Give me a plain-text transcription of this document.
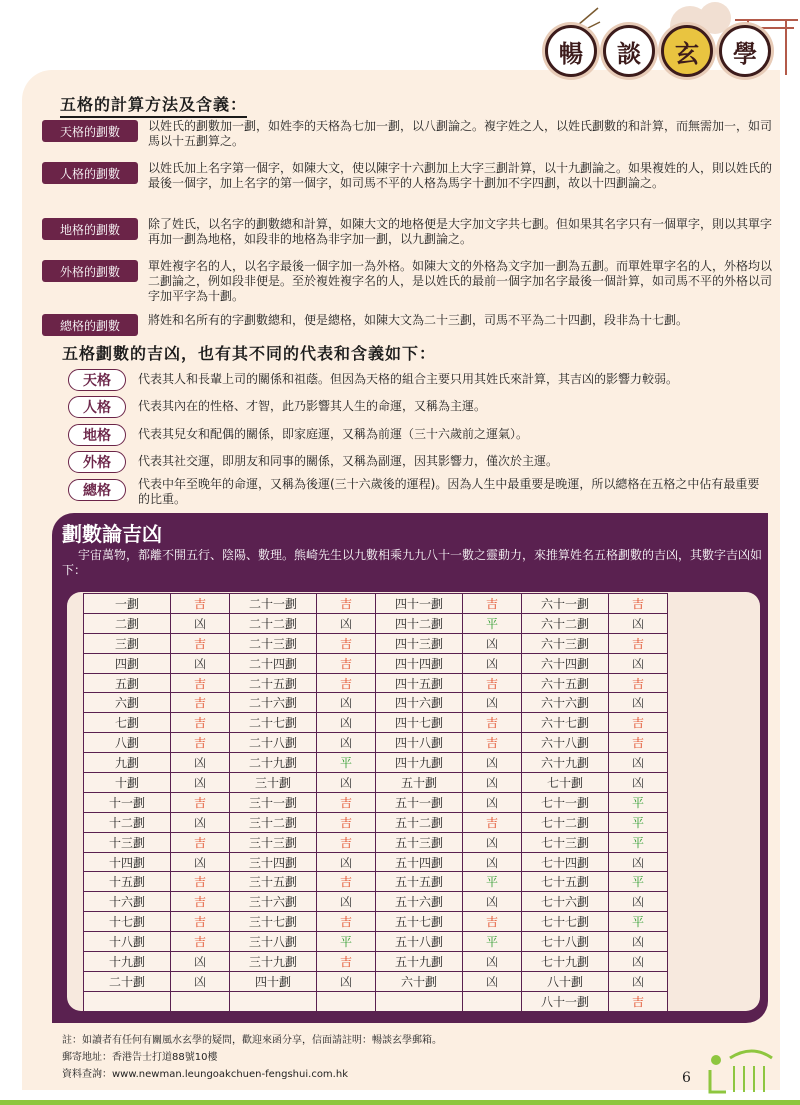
暢 談 玄 學
五格的計算方法及含義：
天格的劃數	以姓氏的劃數加一劃，如姓李的天格為七加一劃，以八劃論之。複字姓之人，以姓氏劃數的和計算，而無需加一，如司馬以十五劃算之。
人格的劃數	以姓氏加上名字第一個字，如陳大文，使以陳字十六劃加上大字三劃計算，以十九劃論之。如果複姓的人，則以姓氏的最後一個字，加上名字的第一個字，如司馬不平的人格為馬字十劃加不字四劃，故以十四劃論之。
地格的劃數	除了姓氏，以名字的劃數總和計算，如陳大文的地格便是大字加文字共七劃。但如果其名字只有一個單字，則以其單字再加一劃為地格，如段非的地格為非字加一劃，以九劃論之。
外格的劃數	單姓複字名的人，以名字最後一個字加一為外格。如陳大文的外格為文字加一劃為五劃。而單姓單字名的人，外格均以二劃論之，例如段非便是。至於複姓複字名的人，是以姓氏的最前一個字加名字最後一個計算，如司馬不平的外格以司字加平字為十劃。
總格的劃數	將姓和名所有的字劃數總和，便是總格，如陳大文為二十三劃，司馬不平為二十四劃，段非為十七劃。
五格劃數的吉凶，也有其不同的代表和含義如下：
天格	代表其人和長輩上司的關係和祖蔭。但因為天格的組合主要只用其姓氏來計算，其吉凶的影響力較弱。
人格	代表其內在的性格、才智，此乃影響其人生的命運，又稱為主運。
地格	代表其兒女和配偶的關係，即家庭運，又稱為前運（三十六歲前之運氣）。
外格	代表其社交運，即朋友和同事的關係，又稱為副運，因其影響力，僅次於主運。
總格	代表中年至晚年的命運，又稱為後運(三十六歲後的運程)。因為人生中最重要是晚運，所以總格在五格之中佔有最重要的比重。
劃數論吉凶
宇宙萬物，都離不開五行、陰陽、數理。熊崎先生以九數相乘九九八十一數之靈動力，來推算姓名五格劃數的吉凶，其數字吉凶如下：
一劃	吉	二十一劃	吉	四十一劃	吉	六十一劃	吉
二劃	凶	二十二劃	凶	四十二劃	平	六十二劃	凶
三劃	吉	二十三劃	吉	四十三劃	凶	六十三劃	吉
四劃	凶	二十四劃	吉	四十四劃	凶	六十四劃	凶
五劃	吉	二十五劃	吉	四十五劃	吉	六十五劃	吉
六劃	吉	二十六劃	凶	四十六劃	凶	六十六劃	凶
七劃	吉	二十七劃	凶	四十七劃	吉	六十七劃	吉
八劃	吉	二十八劃	凶	四十八劃	吉	六十八劃	吉
九劃	凶	二十九劃	平	四十九劃	凶	六十九劃	凶
十劃	凶	三十劃	凶	五十劃	凶	七十劃	凶
十一劃	吉	三十一劃	吉	五十一劃	凶	七十一劃	平
十二劃	凶	三十二劃	吉	五十二劃	吉	七十二劃	平
十三劃	吉	三十三劃	吉	五十三劃	凶	七十三劃	平
十四劃	凶	三十四劃	凶	五十四劃	凶	七十四劃	凶
十五劃	吉	三十五劃	吉	五十五劃	平	七十五劃	平
十六劃	吉	三十六劃	凶	五十六劃	凶	七十六劃	凶
十七劃	吉	三十七劃	吉	五十七劃	吉	七十七劃	平
十八劃	吉	三十八劃	平	五十八劃	平	七十八劃	凶
十九劃	凶	三十九劃	吉	五十九劃	凶	七十九劃	凶
二十劃	凶	四十劃	凶	六十劃	凶	八十劃	凶
						八十一劃	吉
註：如讀者有任何有關風水玄學的疑問，歡迎來函分享，信面請註明：暢談玄學郵箱。
郵寄地址：香港告士打道88號10樓
資料查詢：www.newman.leungoakchuen-fengshui.com.hk	6
